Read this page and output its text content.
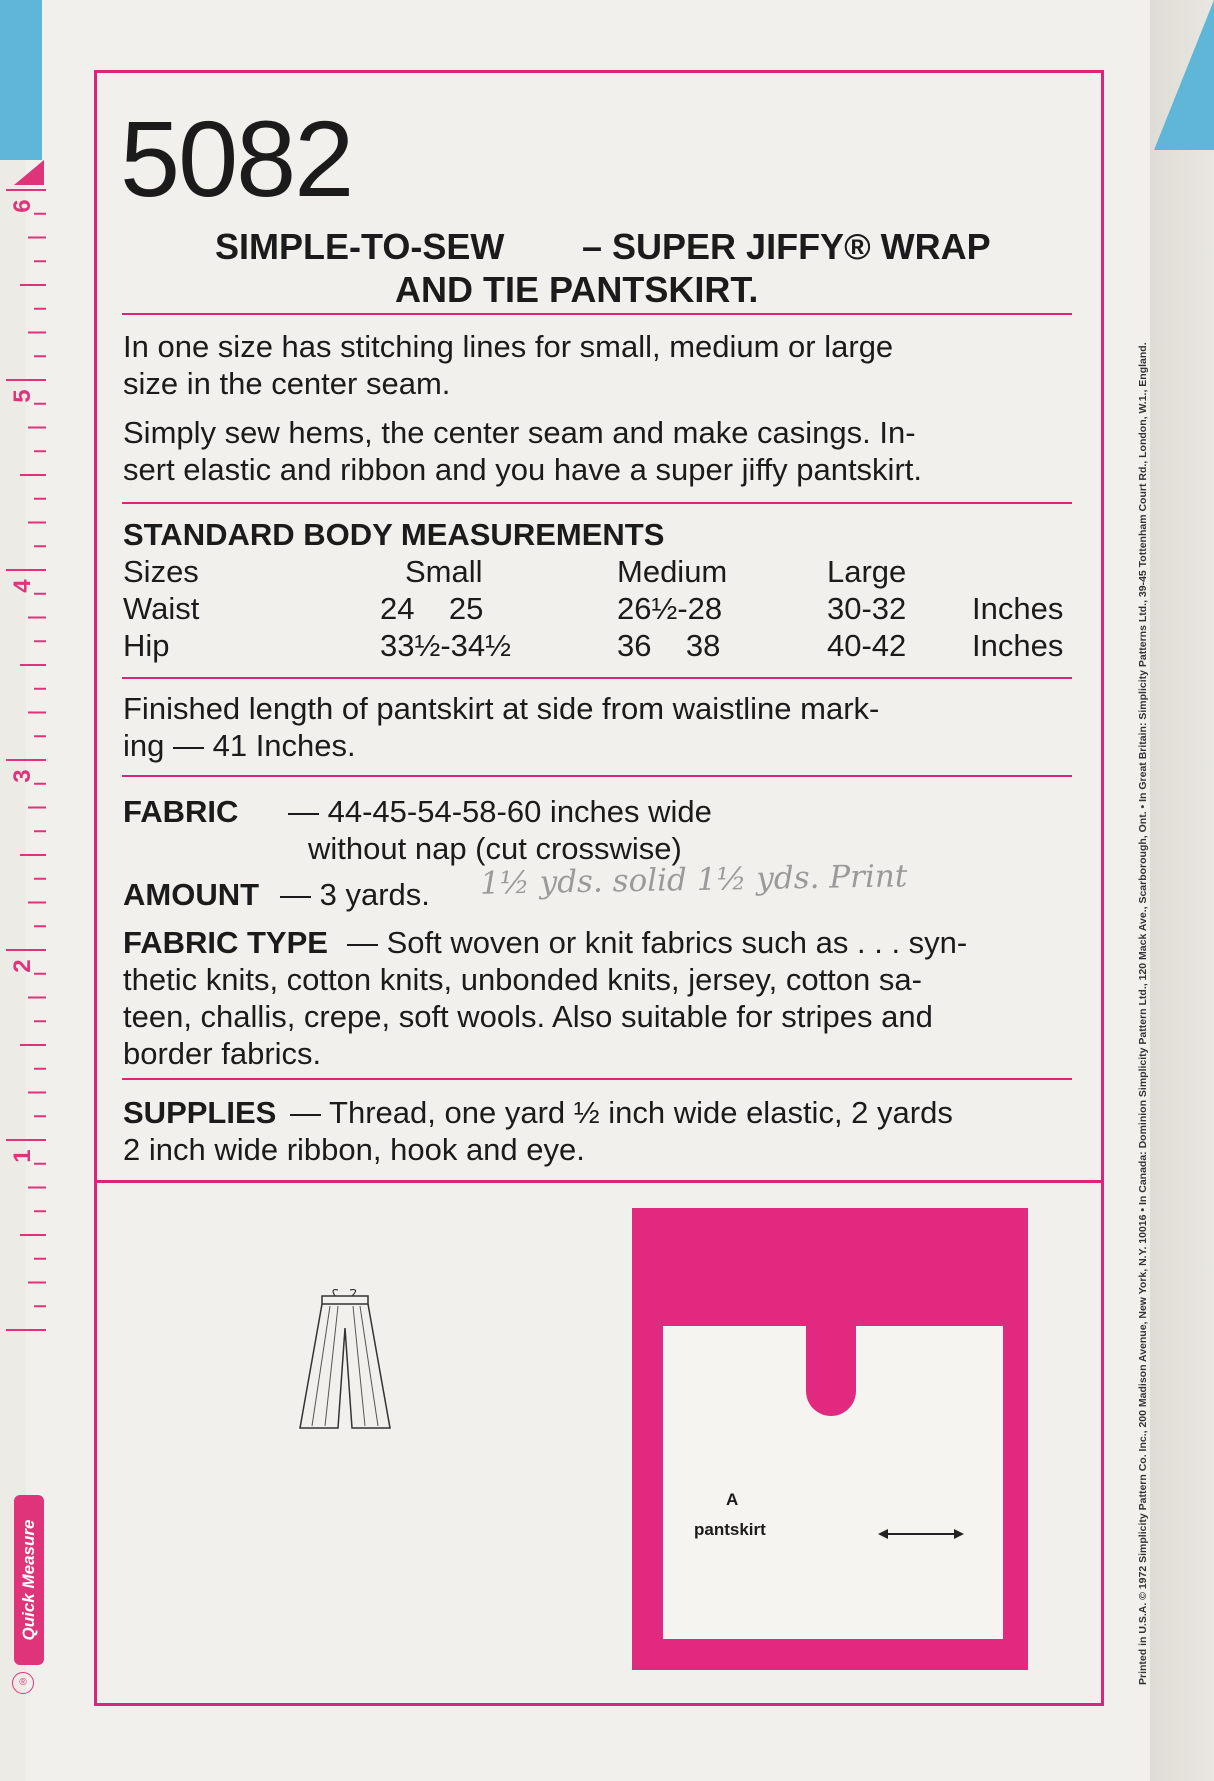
6
5
4
3
2
1
Quick Measure
®
5082
SIMPLE-TO-SEW – SUPER JIFFY® WRAP
AND TIE PANTSKIRT.
In one size has stitching lines for small, medium or large
size in the center seam.
Simply sew hems, the center seam and make casings. In-
sert elastic and ribbon and you have a super jiffy pantskirt.
STANDARD BODY MEASUREMENTS
Sizes	Small	Medium	Large
Waist	24    25	26½-28	30-32 Inches
Hip	33½-34½	36    38	40-42 Inches
Finished length of pantskirt at side from waistline mark-
ing — 41 Inches.
FABRIC — 44-45-54-58-60 inches wide
without nap (cut crosswise)
AMOUNT — 3 yards. 1½ yds. solid 1½ yds. Print
FABRIC TYPE — Soft woven or knit fabrics such as . . . syn-
thetic knits, cotton knits, unbonded knits, jersey, cotton sa-
teen, challis, crepe, soft wools. Also suitable for stripes and
border fabrics.
SUPPLIES — Thread, one yard ½ inch wide elastic, 2 yards
2 inch wide ribbon, hook and eye.
A
pantskirt	Printed in U.S.A. © 1972 Simplicity Pattern Co. Inc., 200 Madison Avenue, New York, N.Y. 10016 • In Canada: Dominion Simplicity Pattern Ltd., 120 Mack Ave., Scarborough, Ont. • In Great Britain: Simplicity Patterns Ltd., 39-45 Tottenham Court Rd., London, W.1., England.
